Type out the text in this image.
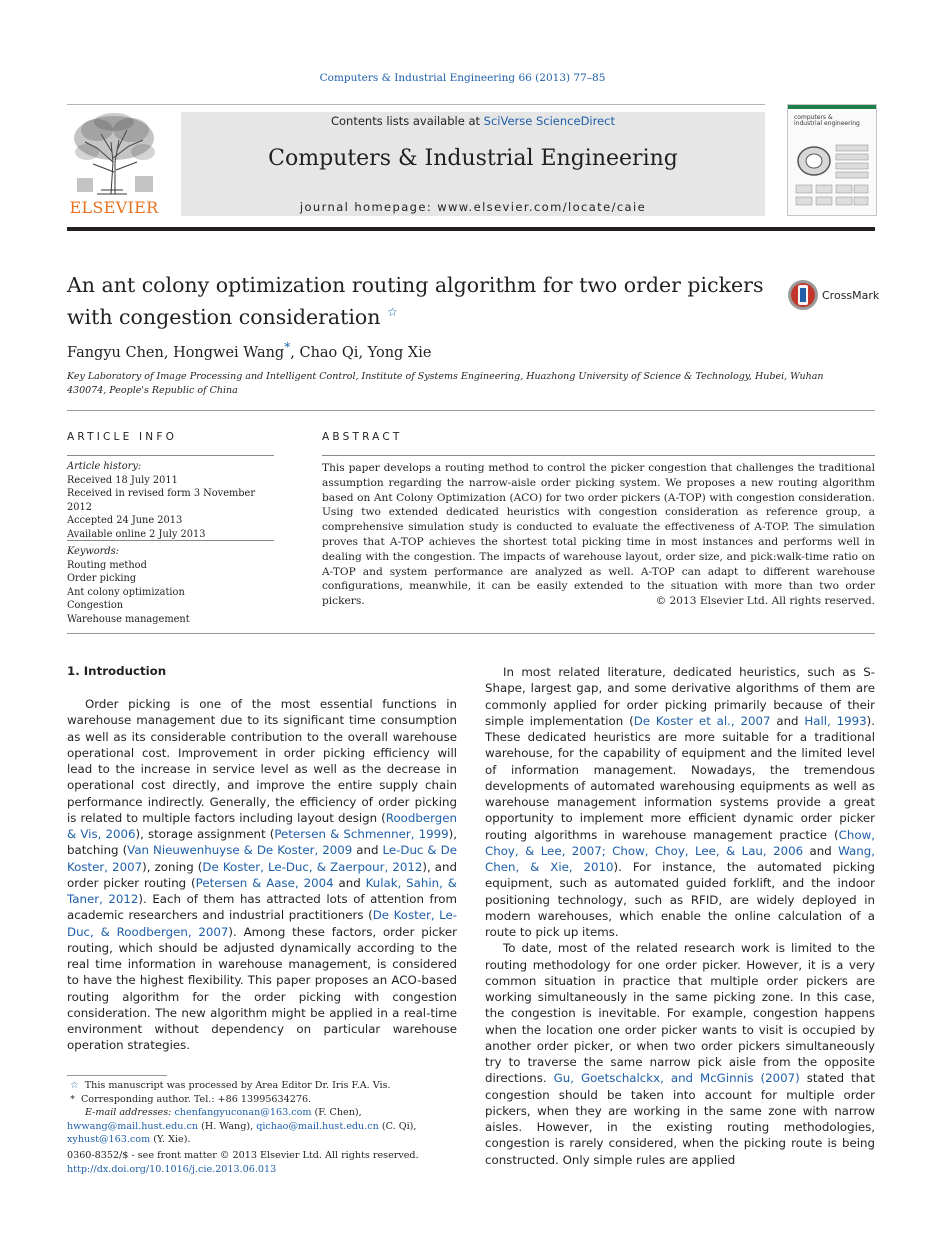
Computers & Industrial Engineering 66 (2013) 77–85
ELSEVIER
Contents lists available at SciVerse ScienceDirect
Computers & Industrial Engineering
journal homepage: www.elsevier.com/locate/caie
computers &
industrial engineering
An ant colony optimization routing algorithm for two order pickers with congestion consideration ☆
CrossMark
Fangyu Chen, Hongwei Wang*, Chao Qi, Yong Xie
Key Laboratory of Image Processing and Intelligent Control, Institute of Systems Engineering, Huazhong University of Science & Technology, Hubei, Wuhan 430074, People's Republic of China
ARTICLE INFO	ABSTRACT
Article history:
Received 18 July 2011
Received in revised form 3 November 2012
Accepted 24 June 2013
Available online 2 July 2013
Keywords:
Routing method
Order picking
Ant colony optimization
Congestion
Warehouse management
This paper develops a routing method to control the picker congestion that challenges the traditional assumption regarding the narrow-aisle order picking system. We proposes a new routing algorithm based on Ant Colony Optimization (ACO) for two order pickers (A-TOP) with congestion consideration. Using two extended dedicated heuristics with congestion consideration as reference group, a comprehensive simulation study is conducted to evaluate the effectiveness of A-TOP. The simulation proves that A-TOP achieves the shortest total picking time in most instances and performs well in dealing with the congestion. The impacts of warehouse layout, order size, and pick:walk-time ratio on A-TOP and system performance are analyzed as well. A-TOP can adapt to different warehouse configurations, meanwhile, it can be easily extended to the situation with more than two order pickers.	© 2013 Elsevier Ltd. All rights reserved.
1. Introduction

Order picking is one of the most essential functions in warehouse management due to its significant time consumption as well as its considerable contribution to the overall warehouse operational cost. Improvement in order picking efficiency will lead to the increase in service level as well as the decrease in operational cost directly, and improve the entire supply chain performance indirectly. Generally, the efficiency of order picking is related to multiple factors including layout design (Roodbergen & Vis, 2006), storage assignment (Petersen & Schmenner, 1999), batching (Van Nieuwenhuyse & De Koster, 2009 and Le-Duc & De Koster, 2007), zoning (De Koster, Le-Duc, & Zaerpour, 2012), and order picker routing (Petersen & Aase, 2004 and Kulak, Sahin, & Taner, 2012). Each of them has attracted lots of attention from academic researchers and industrial practitioners (De Koster, Le-Duc, & Roodbergen, 2007). Among these factors, order picker routing, which should be adjusted dynamically according to the real time information in warehouse management, is considered to have the highest flexibility. This paper proposes an ACO-based routing algorithm for the order picking with congestion consideration. The new algorithm might be applied in a real-time environment without dependency on particular warehouse operation strategies.

In most related literature, dedicated heuristics, such as S-Shape, largest gap, and some derivative algorithms of them are commonly applied for order picking primarily because of their simple implementation (De Koster et al., 2007 and Hall, 1993). These dedicated heuristics are more suitable for a traditional warehouse, for the capability of equipment and the limited level of information management. Nowadays, the tremendous developments of automated warehousing equipments as well as warehouse management information systems provide a great opportunity to implement more efficient dynamic order picker routing algorithms in warehouse management practice (Chow, Choy, & Lee, 2007; Chow, Choy, Lee, & Lau, 2006 and Wang, Chen, & Xie, 2010). For instance, the automated picking equipment, such as automated guided forklift, and the indoor positioning technology, such as RFID, are widely deployed in modern warehouses, which enable the online calculation of a route to pick up items.

To date, most of the related research work is limited to the routing methodology for one order picker. However, it is a very common situation in practice that multiple order pickers are working simultaneously in the same picking zone. In this case, the congestion is inevitable. For example, congestion happens when the location one order picker wants to visit is occupied by another order picker, or when two order pickers simultaneously try to traverse the same narrow pick aisle from the opposite directions. Gu, Goetschalckx, and McGinnis (2007) stated that congestion should be taken into account for multiple order pickers, when they are working in the same zone with narrow aisles. However, in the existing routing methodologies, congestion is rarely considered, when the picking route is being constructed. Only simple rules are applied

☆ This manuscript was processed by Area Editor Dr. Iris F.A. Vis.
* Corresponding author. Tel.: +86 13995634276.
E-mail addresses: chenfangyuconan@163.com (F. Chen), hwwang@mail.hust.edu.cn (H. Wang), qichao@mail.hust.edu.cn (C. Qi), xyhust@163.com (Y. Xie).
0360-8352/$ - see front matter © 2013 Elsevier Ltd. All rights reserved.
http://dx.doi.org/10.1016/j.cie.2013.06.013
